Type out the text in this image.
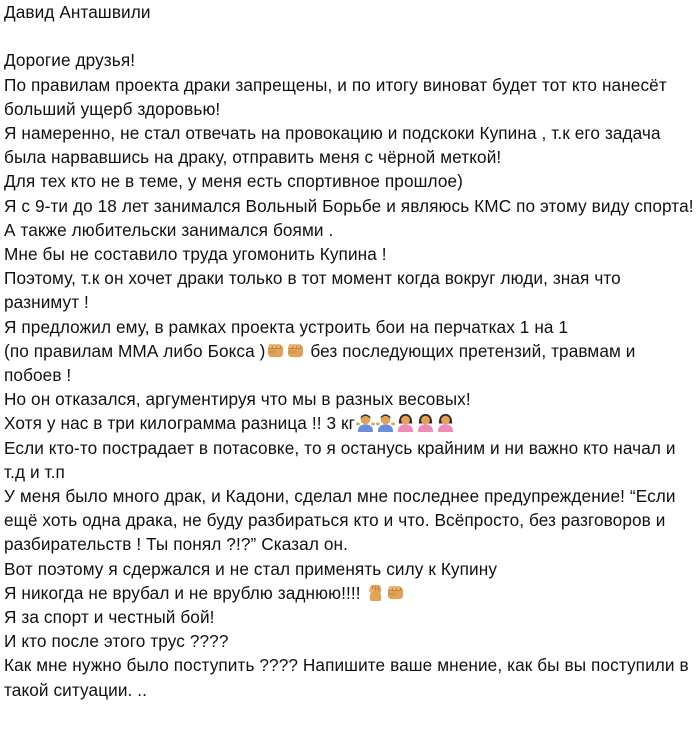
Давид Анташвили
Дорогие друзья!
По правилам проекта драки запрещены, и по итогу виноват будет тот кто нанесёт больший ущерб здоровью!
Я намеренно, не стал отвечать на провокацию и подскоки Купина , т.к его задача была нарвавшись на драку, отправить меня с чёрной меткой!
Для тех кто не в теме, у меня есть спортивное прошлое)
Я с 9-ти до 18 лет занимался Вольный Борьбе и являюсь КМС по этому виду спорта! А также любительски занимался боями .
Мне бы не составило труда угомонить Купина !
Поэтому, т.к он хочет драки только в тот момент когда вокруг люди, зная что разнимут !
Я предложил ему, в рамках проекта устроить бои на перчатках 1 на 1
(по правилам ММА либо Бокса ) без последующих претензий, травмам и побоев !
Но он отказался, аргументируя что мы в разных весовых!
Хотя у нас в три килограмма разница !! 3 кг
Если кто-то пострадает в потасовке, то я останусь крайним и ни важно кто начал и т.д и т.п
У меня было много драк, и Кадони, сделал мне последнее предупреждение! “Если ещё хоть одна драка, не буду разбираться кто и что. Всёпросто, без разговоров и разбирательств ! Ты понял ?!?” Сказал он.
Вот поэтому я сдержался и не стал применять силу к Купину
Я никогда не врубал и не врублю заднюю!!!!
Я за спорт и честный бой!
И кто после этого трус ????
Как мне нужно было поступить ???? Напишите ваше мнение, как бы вы поступили в такой ситуации. ..
